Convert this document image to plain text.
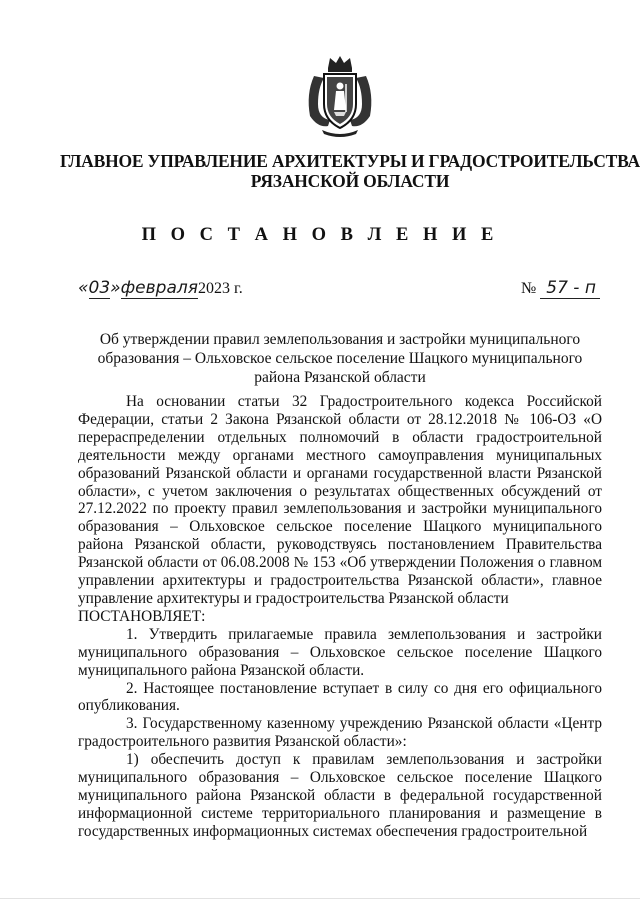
ГЛАВНОЕ УПРАВЛЕНИЕ АРХИТЕКТУРЫ И ГРАДОСТРОИТЕЛЬСТВА
РЯЗАНСКОЙ ОБЛАСТИ
П О С Т А Н О В Л Е Н И Е
«03»февраля2023 г.	№ 57 - п
Об утверждении правил землепользования и застройки муниципального образования – Ольховское сельское поселение Шацкого муниципального района Рязанской области

На основании статьи 32 Градостроительного кодекса Российской Федерации, статьи 2 Закона Рязанской области от 28.12.2018 № 106-ОЗ «О перераспределении отдельных полномочий в области градостроительной деятельности между органами местного самоуправления муниципальных образований Рязанской области и органами государственной власти Рязанской области», с учетом заключения о результатах общественных обсуждений от 27.12.2022 по проекту правил землепользования и застройки муниципального образования – Ольховское сельское поселение Шацкого муниципального района Рязанской области, руководствуясь постановлением Правительства Рязанской области от 06.08.2008 № 153 «Об утверждении Положения о главном управлении архитектуры и градостроительства Рязанской области», главное управление архитектуры и градостроительства Рязанской области

ПОСТАНОВЛЯЕТ:

1. Утвердить прилагаемые правила землепользования и застройки муниципального образования – Ольховское сельское поселение Шацкого муниципального района Рязанской области.

2. Настоящее постановление вступает в силу со дня его официального опубликования.

3. Государственному казенному учреждению Рязанской области «Центр градостроительного развития Рязанской области»:

1) обеспечить доступ к правилам землепользования и застройки муниципального образования – Ольховское сельское поселение Шацкого муниципального района Рязанской области в федеральной государственной информационной системе территориального планирования и размещение в государственных информационных системах обеспечения градостроительной
